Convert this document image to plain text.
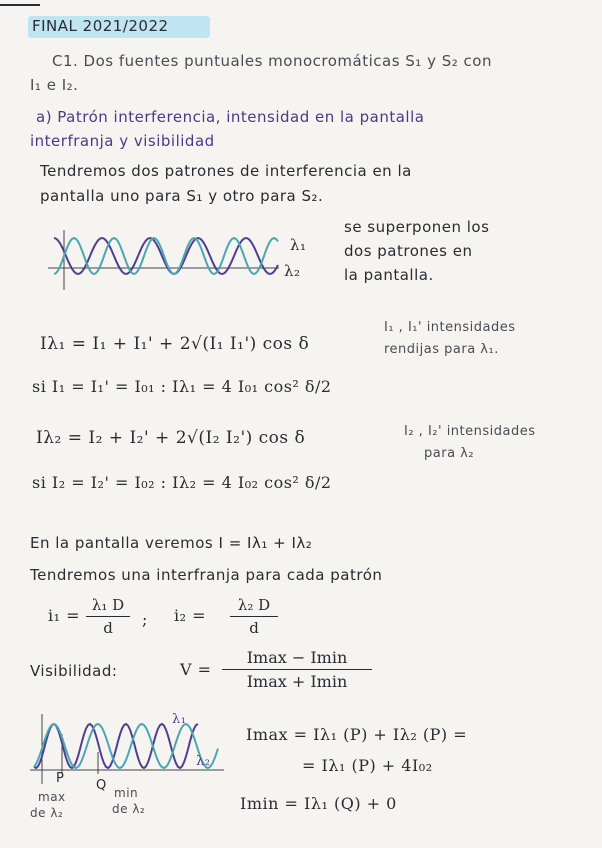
FINAL 2021/2022
C1. Dos fuentes puntuales monocromáticas S₁ y S₂ con
I₁ e I₂.
a) Patrón interferencia, intensidad en la pantalla
interfranja y visibilidad
Tendremos dos patrones de interferencia en la
pantalla uno para S₁ y otro para S₂.
λ₁
λ₂
se superponen los
dos patrones en
la pantalla.
Iλ₁ = I₁ + I₁' + 2√(I₁ I₁') cos δ
I₁ , I₁' intensidades
rendijas para λ₁.
si I₁ = I₁' = I₀₁ : Iλ₁ = 4 I₀₁ cos² δ/2
Iλ₂ = I₂ + I₂' + 2√(I₂ I₂') cos δ	I₂ , I₂' intensidades
para λ₂
si I₂ = I₂' = I₀₂ : Iλ₂ = 4 I₀₂ cos² δ/2
En la pantalla veremos I = Iλ₁ + Iλ₂
Tendremos una interfranja para cada patrón
i₁ =
λ₁ D
d	; i₂ =
λ₂ D
d
Visibilidad:	V =
Imax − Imin
Imax + Imin
λ₁
λ₂
P Q
max
de λ₂
min
de λ₂
Imax = Iλ₁ (P) + Iλ₂ (P) =
= Iλ₁ (P) + 4I₀₂
Imin = Iλ₁ (Q) + 0
